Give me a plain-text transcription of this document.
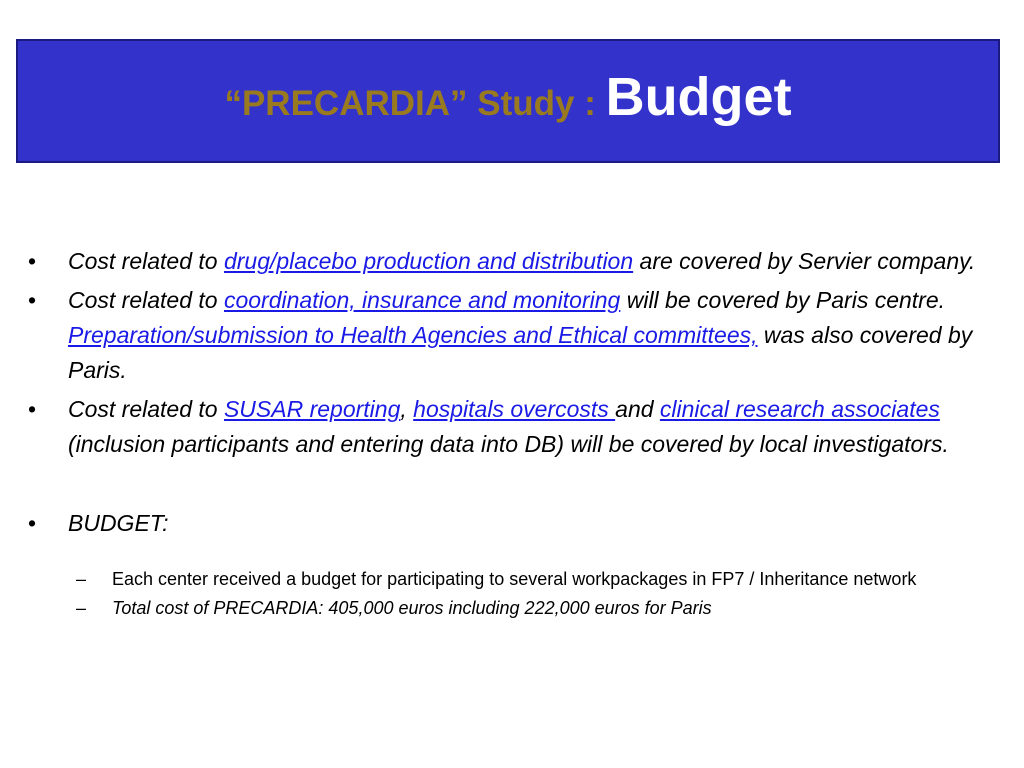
“PRECARDIA” Study : Budget
•	Cost related to drug/placebo production and distribution are covered by Servier company.
•	Cost related to coordination, insurance and monitoring will be covered by Paris centre. Preparation/submission to Health Agencies and Ethical committees, was also covered by Paris.
•	Cost related to SUSAR reporting, hospitals overcosts and clinical research associates (inclusion participants and entering data into DB) will be covered by local investigators.
•	BUDGET:
–	Each center received a budget for participating to several workpackages in FP7 / Inheritance network
–	Total cost of PRECARDIA: 405,000 euros including 222,000 euros for Paris
